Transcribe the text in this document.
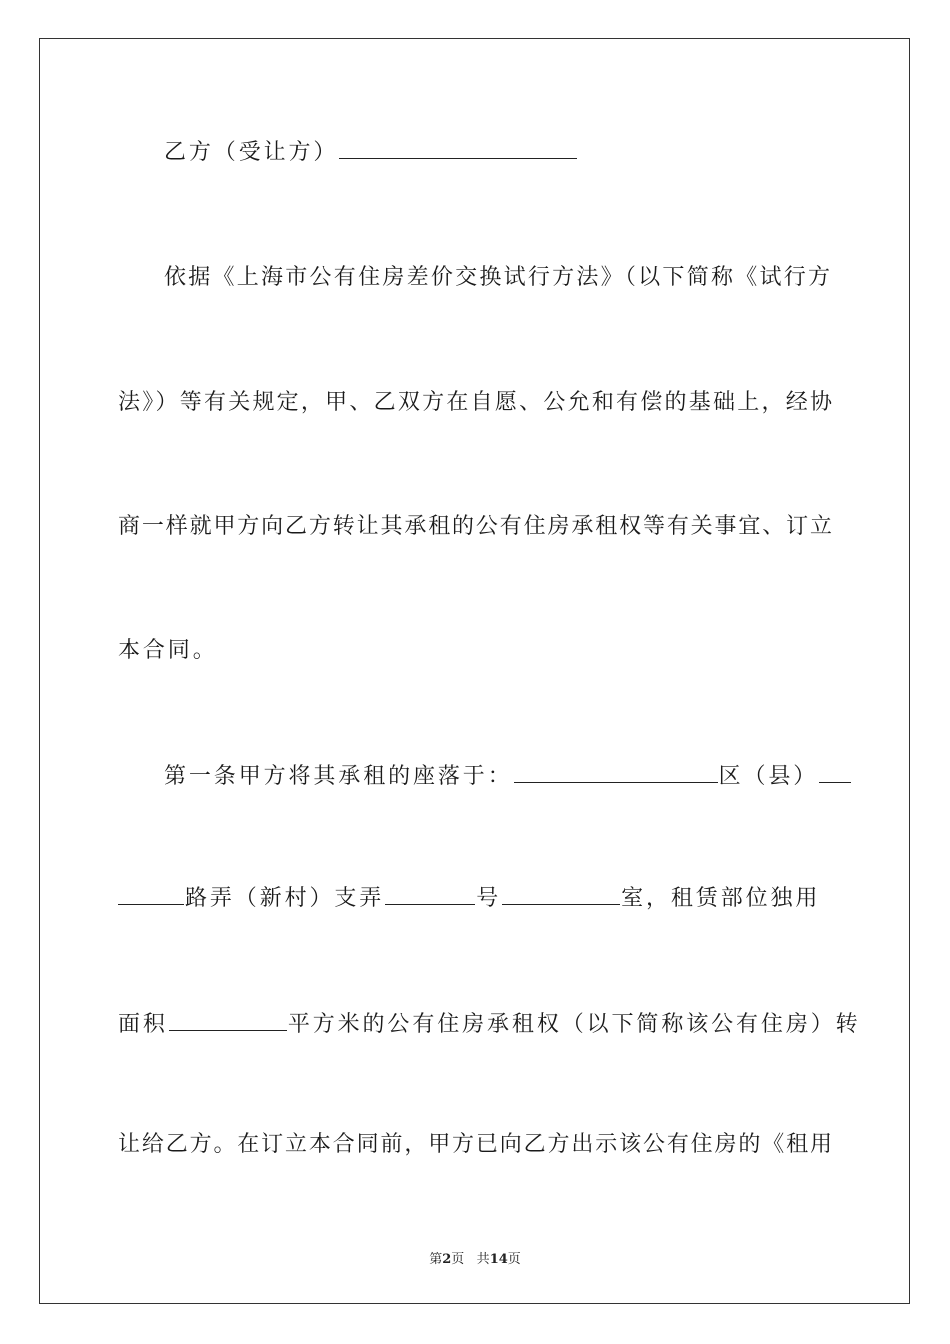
乙方（受让方）
依据《上海市公有住房差价交换试行方法》（以下简称《试行方
法》）等有关规定，甲、乙双方在自愿、公允和有偿的基础上，经协
商一样就甲方向乙方转让其承租的公有住房承租权等有关事宜、订立
本合同。
第一条甲方将其承租的座落于：	区（县）
路弄（新村）支弄	号	室，租赁部位独用
面积	平方米的公有住房承租权（以下简称该公有住房）转
让给乙方。在订立本合同前，甲方已向乙方出示该公有住房的《租用
第2页 共14页
